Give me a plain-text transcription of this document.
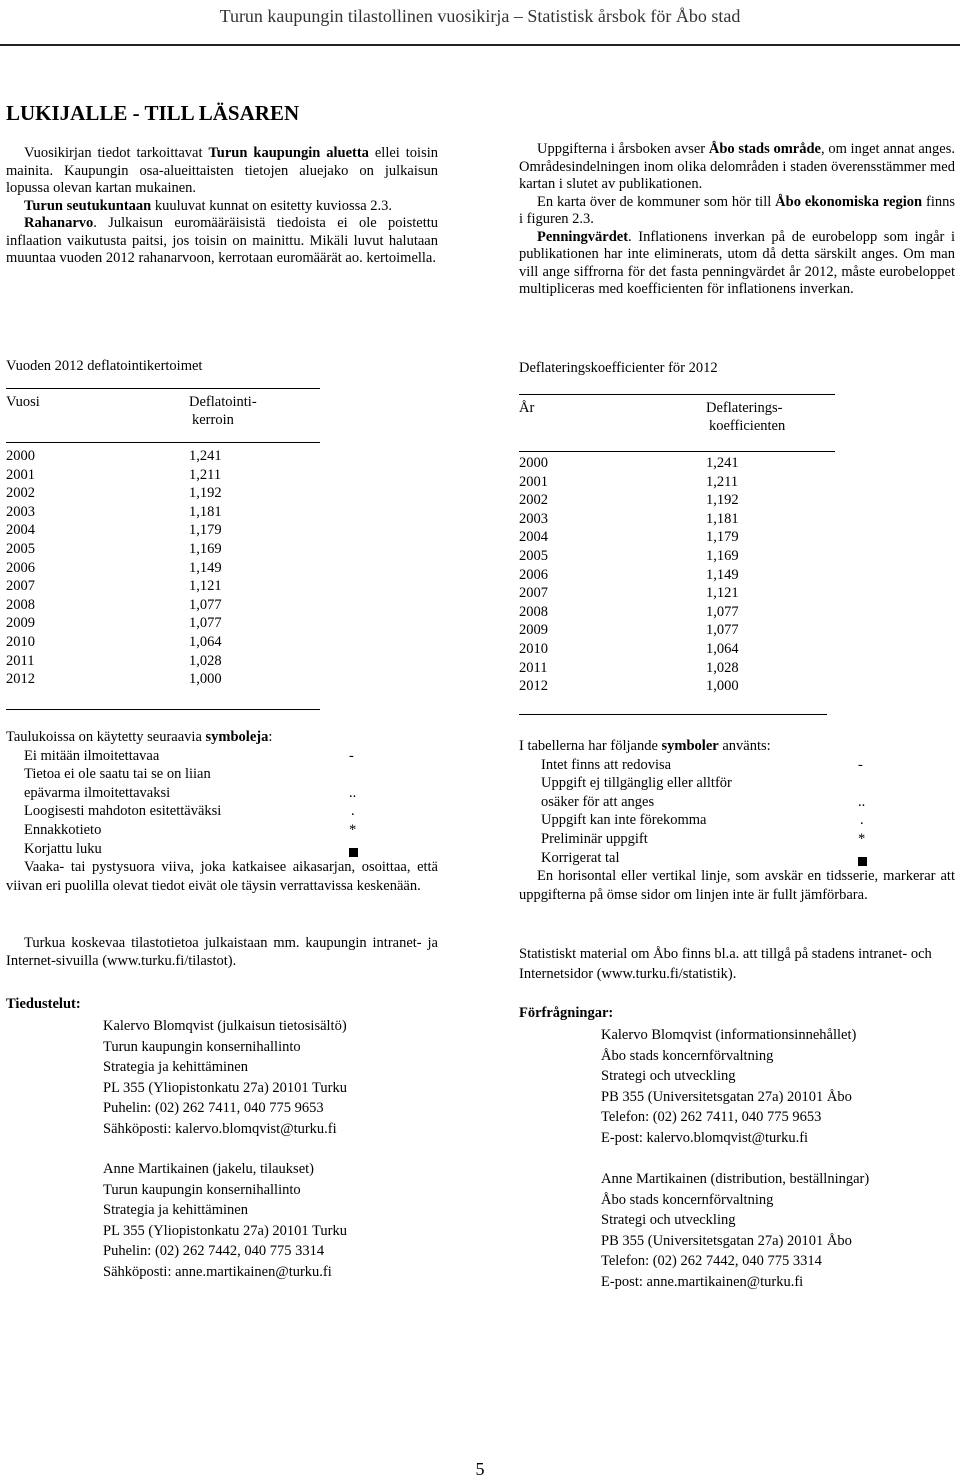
Turun kaupungin tilastollinen vuosikirja – Statistisk årsbok för Åbo stad
LUKIJALLE - TILL LÄSAREN

Vuosikirjan tiedot tarkoittavat Turun kaupungin aluetta ellei toisin mainita. Kaupungin osa-alueittaisten tietojen aluejako on julkaisun lopussa olevan kartan mukainen.

Turun seutukuntaan kuuluvat kunnat on esitetty kuviossa 2.3.

Rahanarvo. Julkaisun euromääräisistä tiedoista ei ole poistettu inflaation vaikutusta paitsi, jos toisin on mainittu. Mikäli luvut halutaan muuntaa vuoden 2012 rahanarvoon, kerrotaan euromäärät ao. kertoimella.

Vuoden 2012 deflatointikertoimet
Vuosi	Deflatointi-
kerroin
2000	1,241
2001	1,211
2002	1,192
2003	1,181
2004	1,179
2005	1,169
2006	1,149
2007	1,121
2008	1,077
2009	1,077
2010	1,064
2011	1,028
2012	1,000
Taulukoissa on käytetty seuraavia symboleja:
Ei mitään ilmoitettavaa	-
Tietoa ei ole saatu tai se on liian
epävarma ilmoitettavaksi	..
Loogisesti mahdoton esitettäväksi	.
Ennakkotieto	*
Korjattu luku
Vaaka- tai pystysuora viiva, joka katkaisee aikasarjan, osoittaa, että viivan eri puolilla olevat tiedot eivät ole täysin verrattavissa keskenään.
Turkua koskevaa tilastotietoa julkaistaan mm. kaupungin intranet- ja Internet-sivuilla (www.turku.fi/tilastot).
Tiedustelut:
Kalervo Blomqvist (julkaisun tietosisältö)
Turun kaupungin konsernihallinto
Strategia ja kehittäminen
PL 355 (Yliopistonkatu 27a) 20101 Turku
Puhelin: (02) 262 7411, 040 775 9653
Sähköposti: kalervo.blomqvist@turku.fi
Anne Martikainen (jakelu, tilaukset)
Turun kaupungin konsernihallinto
Strategia ja kehittäminen
PL 355 (Yliopistonkatu 27a) 20101 Turku
Puhelin: (02) 262 7442, 040 775 3314
Sähköposti: anne.martikainen@turku.fi

Uppgifterna i årsboken avser Åbo stads område, om inget annat anges. Områdesindelningen inom olika delområden i staden överensstämmer med kartan i slutet av publikationen.

En karta över de kommuner som hör till Åbo ekonomiska region finns i figuren 2.3.

Penningvärdet. Inflationens inverkan på de eurobelopp som ingår i publikationen har inte eliminerats, utom då detta särskilt anges. Om man vill ange siffrorna för det fasta penningvärdet år 2012, måste eurobeloppet multipliceras med koefficienten för inflationens inverkan.

Deflateringskoefficienter för 2012
År	Deflaterings-
koefficienten
2000	1,241
2001	1,211
2002	1,192
2003	1,181
2004	1,179
2005	1,169
2006	1,149
2007	1,121
2008	1,077
2009	1,077
2010	1,064
2011	1,028
2012	1,000
I tabellerna har följande symboler använts:
Intet finns att redovisa	-
Uppgift ej tillgänglig eller alltför
osäker för att anges	..
Uppgift kan inte förekomma	.
Preliminär uppgift	*
Korrigerat tal
En horisontal eller vertikal linje, som avskär en tidsserie, markerar att uppgifterna på ömse sidor om linjen inte är fullt jämförbara.
Statistiskt material om Åbo finns bl.a. att tillgå på stadens intranet- och Internetsidor (www.turku.fi/statistik).
Förfrågningar:
Kalervo Blomqvist (informationsinnehållet)
Åbo stads koncernförvaltning
Strategi och utveckling
PB 355 (Universitetsgatan 27a) 20101 Åbo
Telefon: (02) 262 7411, 040 775 9653
E-post: kalervo.blomqvist@turku.fi
Anne Martikainen (distribution, beställningar)
Åbo stads koncernförvaltning
Strategi och utveckling
PB 355 (Universitetsgatan 27a) 20101 Åbo
Telefon: (02) 262 7442, 040 775 3314
E-post: anne.martikainen@turku.fi
5
